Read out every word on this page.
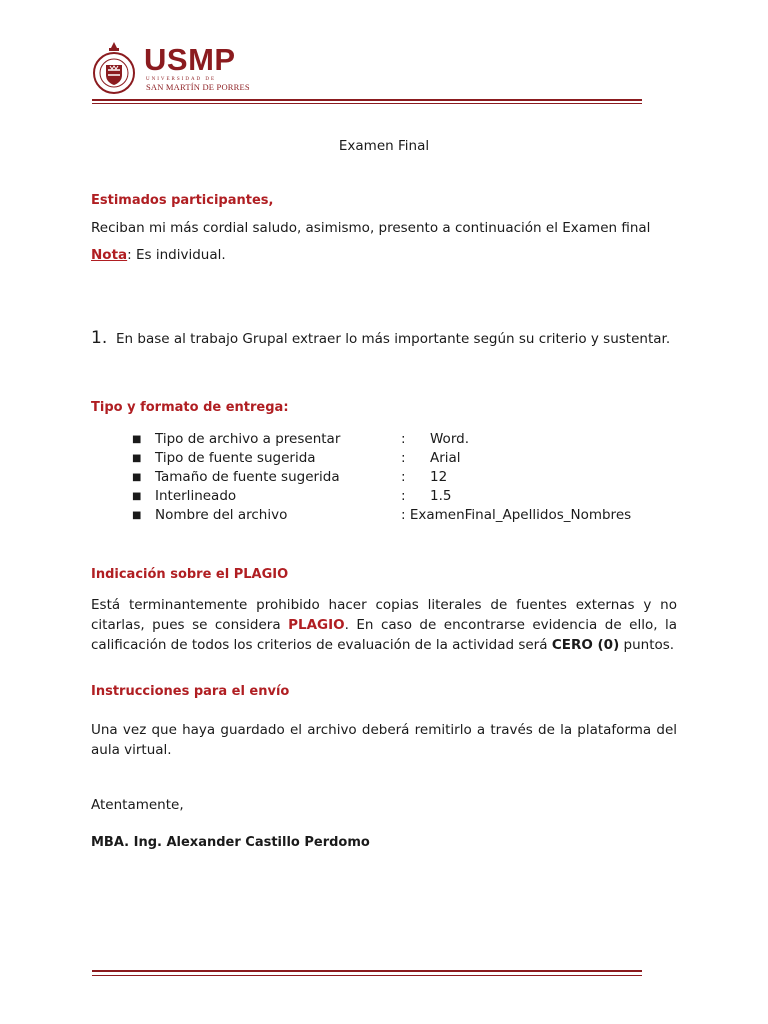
USMP
UNIVERSIDAD DE
SAN MARTÍN DE PORRES
Examen Final
Estimados participantes,
Reciban mi más cordial saludo, asimismo, presento a continuación el Examen final
Nota: Es individual.
1. En base al trabajo Grupal extraer lo más importante según su criterio y sustentar.
Tipo y formato de entrega:
■ Tipo de archivo a presentar	: Word.
■ Tipo de fuente sugerida	: Arial
■ Tamaño de fuente sugerida	: 12
■ Interlineado	: 1.5
■ Nombre del archivo	: ExamenFinal_Apellidos_Nombres
Indicación sobre el PLAGIO
Está terminantemente prohibido hacer copias literales de fuentes externas y no
citarlas, pues se considera PLAGIO. En caso de encontrarse evidencia de ello, la
calificación de todos los criterios de evaluación de la actividad será CERO (0) puntos.
Instrucciones para el envío
Una vez que haya guardado el archivo deberá remitirlo a través de la plataforma del
aula virtual.
Atentamente,
MBA. Ing. Alexander Castillo Perdomo
